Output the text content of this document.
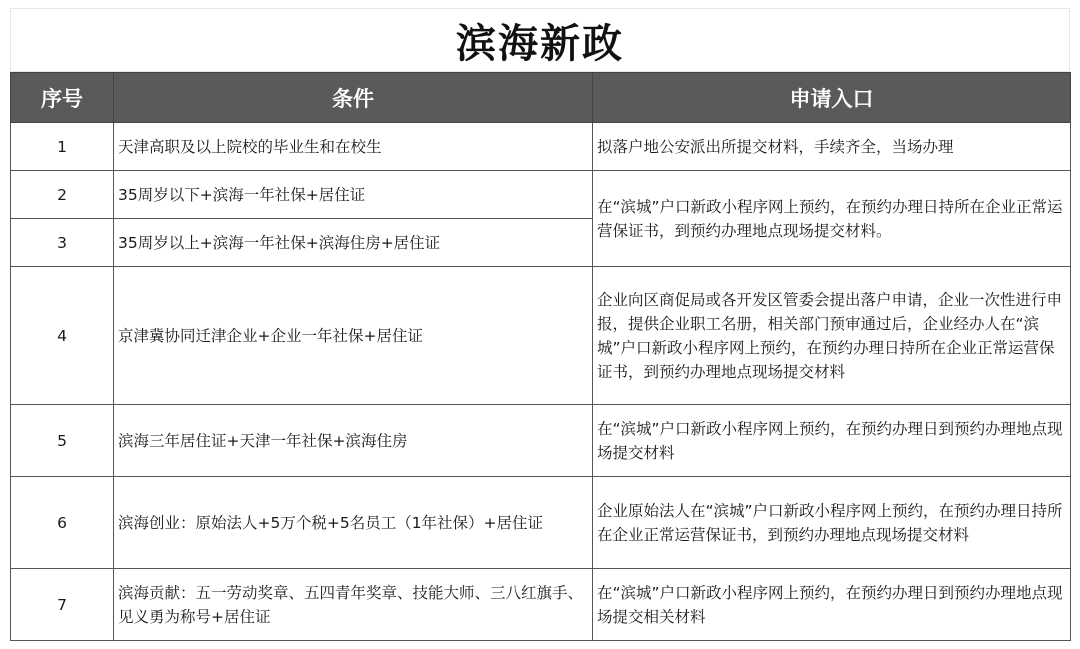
滨海新政
序号	条件	申请入口
1	天津高职及以上院校的毕业生和在校生	拟落户地公安派出所提交材料，手续齐全，当场办理
2	35周岁以下+滨海一年社保+居住证	在“滨城”户口新政小程序网上预约，在预约办理日持所在企业正常运营保证书，到预约办理地点现场提交材料。
3	35周岁以上+滨海一年社保+滨海住房+居住证	
4	京津冀协同迁津企业+企业一年社保+居住证	企业向区商促局或各开发区管委会提出落户申请，企业一次性进行申报，提供企业职工名册，相关部门预审通过后，企业经办人在“滨城”户口新政小程序网上预约，在预约办理日持所在企业正常运营保证书，到预约办理地点现场提交材料
5	滨海三年居住证+天津一年社保+滨海住房	在“滨城”户口新政小程序网上预约，在预约办理日到预约办理地点现场提交材料
6	滨海创业：原始法人+5万个税+5名员工（1年社保）+居住证	企业原始法人在“滨城”户口新政小程序网上预约，在预约办理日持所在企业正常运营保证书，到预约办理地点现场提交材料
7	滨海贡献：五一劳动奖章、五四青年奖章、技能大师、三八红旗手、见义勇为称号+居住证	在“滨城”户口新政小程序网上预约，在预约办理日到预约办理地点现场提交相关材料
